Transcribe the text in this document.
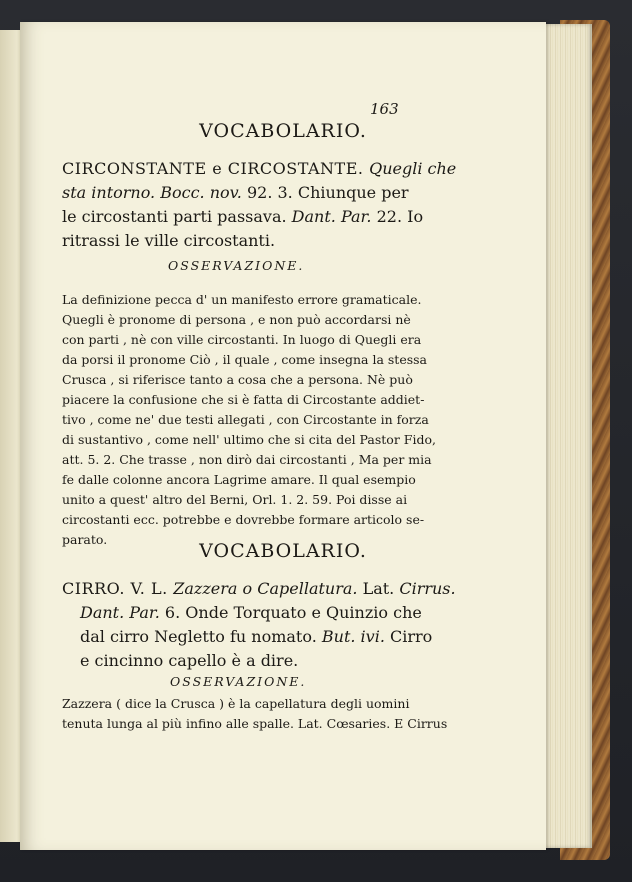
163
VOCABOLARIO.
CIRCONSTANTE e CIRCOSTANTE. Quegli che
sta intorno. Bocc. nov. 92. 3. Chiunque per
le circostanti parti passava. Dant. Par. 22. Io
ritrassi le ville circostanti.
OSSERVAZIONE.
La definizione pecca d' un manifesto errore gramaticale.
Quegli è pronome di persona , e non può accordarsi nè
con parti , nè con ville circostanti. In luogo di Quegli era
da porsi il pronome Ciò , il quale , come insegna la stessa
Crusca , si riferisce tanto a cosa che a persona. Nè può
piacere la confusione che si è fatta di Circostante addiet-
tivo , come ne' due testi allegati , con Circostante in forza
di sustantivo , come nell' ultimo che si cita del Pastor Fido,
att. 5. 2. Che trasse , non dirò dai circostanti , Ma per mia
fe dalle colonne ancora Lagrime amare. Il qual esempio
unito a quest' altro del Berni, Orl. 1. 2. 59. Poi disse ai
circostanti ecc. potrebbe e dovrebbe formare articolo se-
parato.
VOCABOLARIO.
CIRRO. V. L. Zazzera o Capellatura. Lat. Cirrus.
Dant. Par. 6. Onde Torquato e Quinzio che
dal cirro Negletto fu nomato. But. ivi. Cirro
e cincinno capello è a dire.
OSSERVAZIONE.
Zazzera ( dice la Crusca ) è la capellatura degli uomini
tenuta lunga al più infino alle spalle. Lat. Cœsaries. E Cirrus
